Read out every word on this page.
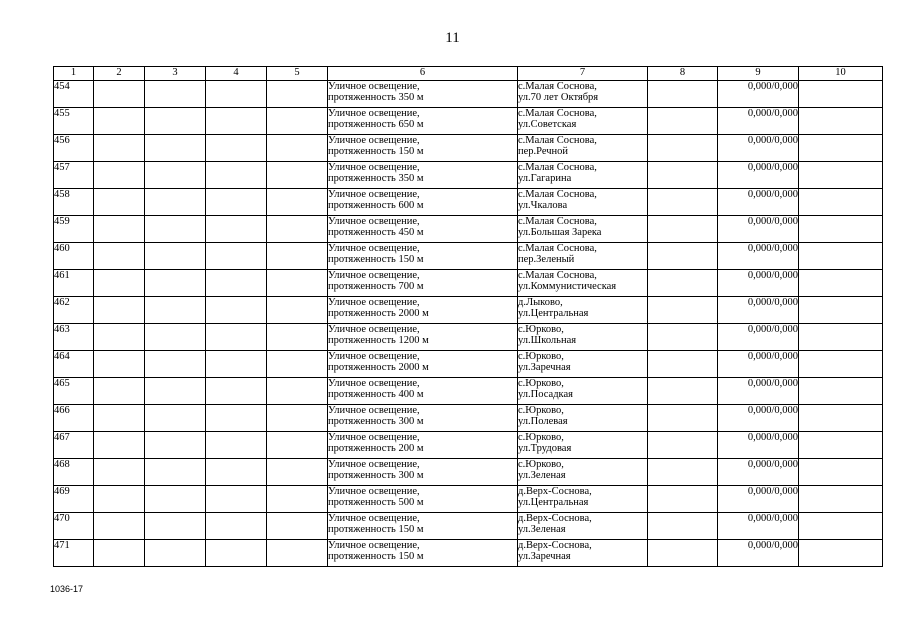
11
1	2	3	4	5	6	7	8	9	10
454					Уличное освещение,
протяженность 350 м	с.Малая Соснова,
ул.70 лет Октября		0,000/0,000	
455					Уличное освещение,
протяженность 650 м	с.Малая Соснова,
ул.Советская		0,000/0,000	
456					Уличное освещение,
протяженность 150 м	с.Малая Соснова,
пер.Речной		0,000/0,000	
457					Уличное освещение,
протяженность 350 м	с.Малая Соснова,
ул.Гагарина		0,000/0,000	
458					Уличное освещение,
протяженность 600 м	с.Малая Соснова,
ул.Чкалова		0,000/0,000	
459					Уличное освещение,
протяженность 450 м	с.Малая Соснова,
ул.Большая Зарека		0,000/0,000	
460					Уличное освещение,
протяженность 150 м	с.Малая Соснова,
пер.Зеленый		0,000/0,000	
461					Уличное освещение,
протяженность 700 м	с.Малая Соснова,
ул.Коммунистическая		0,000/0,000	
462					Уличное освещение,
протяженность 2000 м	д.Лыково,
ул.Центральная		0,000/0,000	
463					Уличное освещение,
протяженность 1200 м	с.Юрково,
ул.Школьная		0,000/0,000	
464					Уличное освещение,
протяженность 2000 м	с.Юрково,
ул.Заречная		0,000/0,000	
465					Уличное освещение,
протяженность 400 м	с.Юрково,
ул.Посадкая		0,000/0,000	
466					Уличное освещение,
протяженность 300 м	с.Юрково,
ул.Полевая		0,000/0,000	
467					Уличное освещение,
протяженность 200 м	с.Юрково,
ул.Трудовая		0,000/0,000	
468					Уличное освещение,
протяженность 300 м	с.Юрково,
ул.Зеленая		0,000/0,000	
469					Уличное освещение,
протяженность 500 м	д.Верх-Соснова,
ул.Центральная		0,000/0,000	
470					Уличное освещение,
протяженность 150 м	д.Верх-Соснова,
ул.Зеленая		0,000/0,000	
471					Уличное освещение,
протяженность 150 м	д.Верх-Соснова,
ул.Заречная		0,000/0,000	
1036-17
